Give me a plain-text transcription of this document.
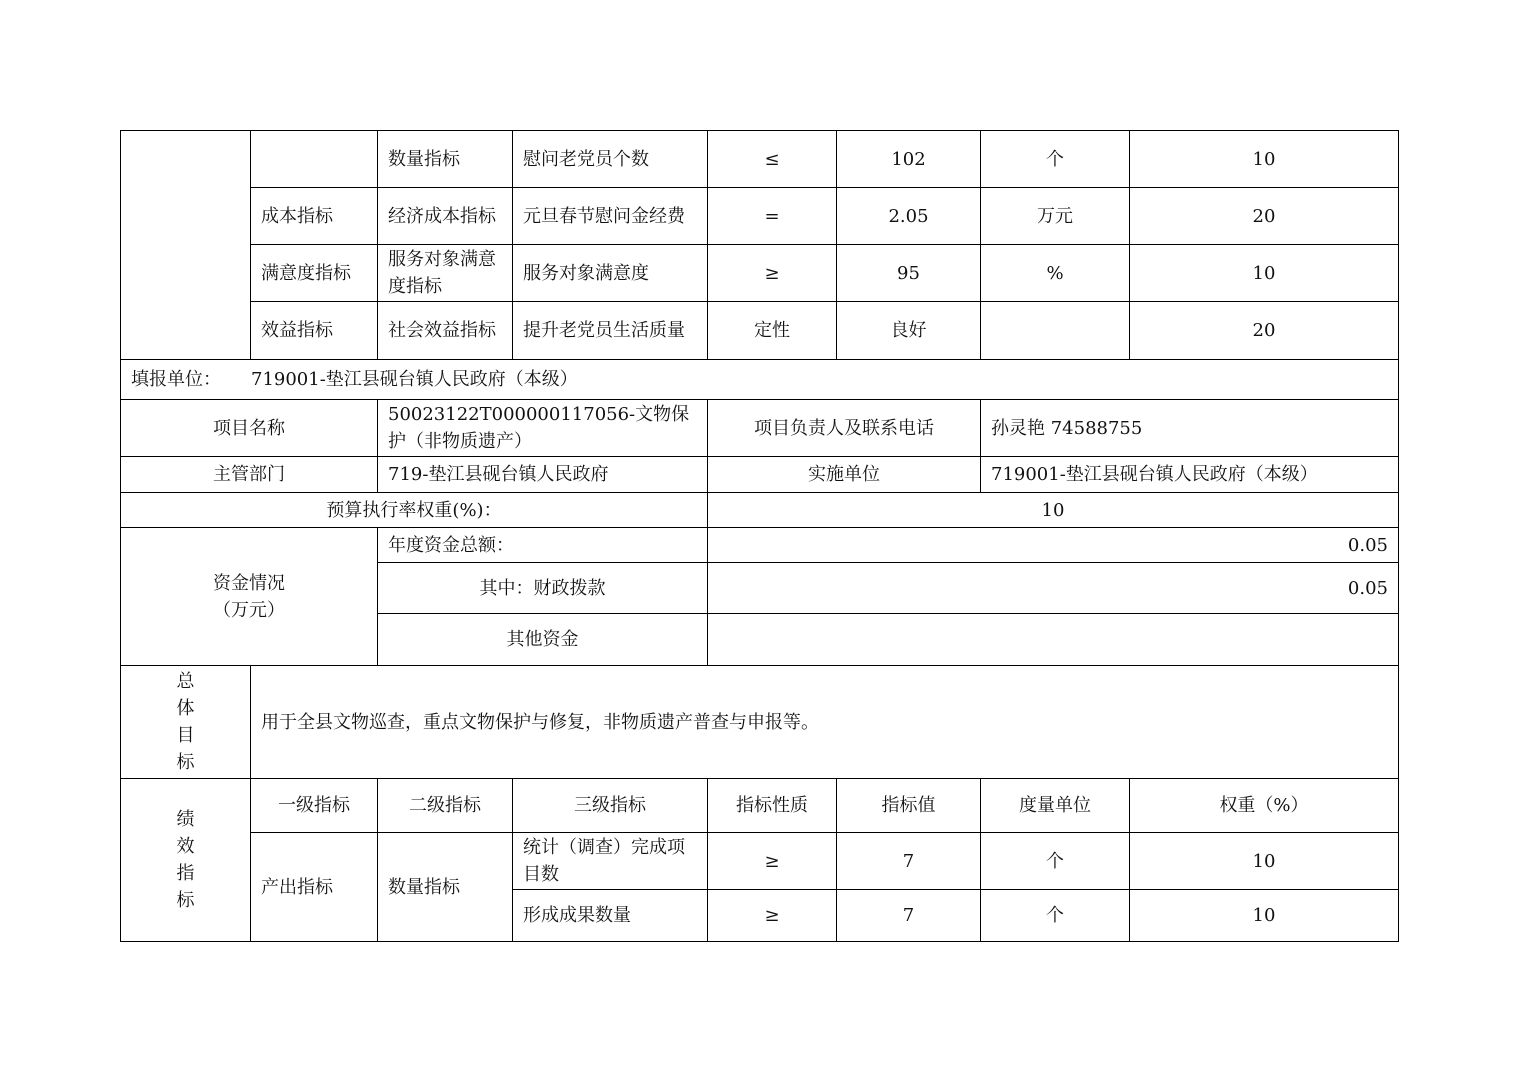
		数量指标	慰问老党员个数	≤	102	个	10
	成本指标	经济成本指标	元旦春节慰问金经费	=	2.05	万元	20
	满意度指标	服务对象满意度指标	服务对象满意度	≥	95	%	10
	效益指标	社会效益指标	提升老党员生活质量	定性	良好		20
填报单位： 719001-垫江县砚台镇人民政府（本级）							
项目名称		50023122T000000117056-文物保护（非物质遗产）		项目负责人及联系电话		孙灵艳 74588755	
主管部门		719-垫江县砚台镇人民政府		实施单位		719001-垫江县砚台镇人民政府（本级）	
预算执行率权重(%)：				10			

资金情况
（万元）		年度资金总额：		0.05			
		其中：财政拨款		0.05			
		其他资金					

总
体
目
标	用于全县文物巡查，重点文物保护与修复，非物质遗产普查与申报等。						

绩
效
指
标	一级指标	二级指标	三级指标	指标性质	指标值	度量单位	权重（%）
	产出指标	数量指标	统计（调查）完成项目数	≥	7	个	10
			形成成果数量	≥	7	个	10
